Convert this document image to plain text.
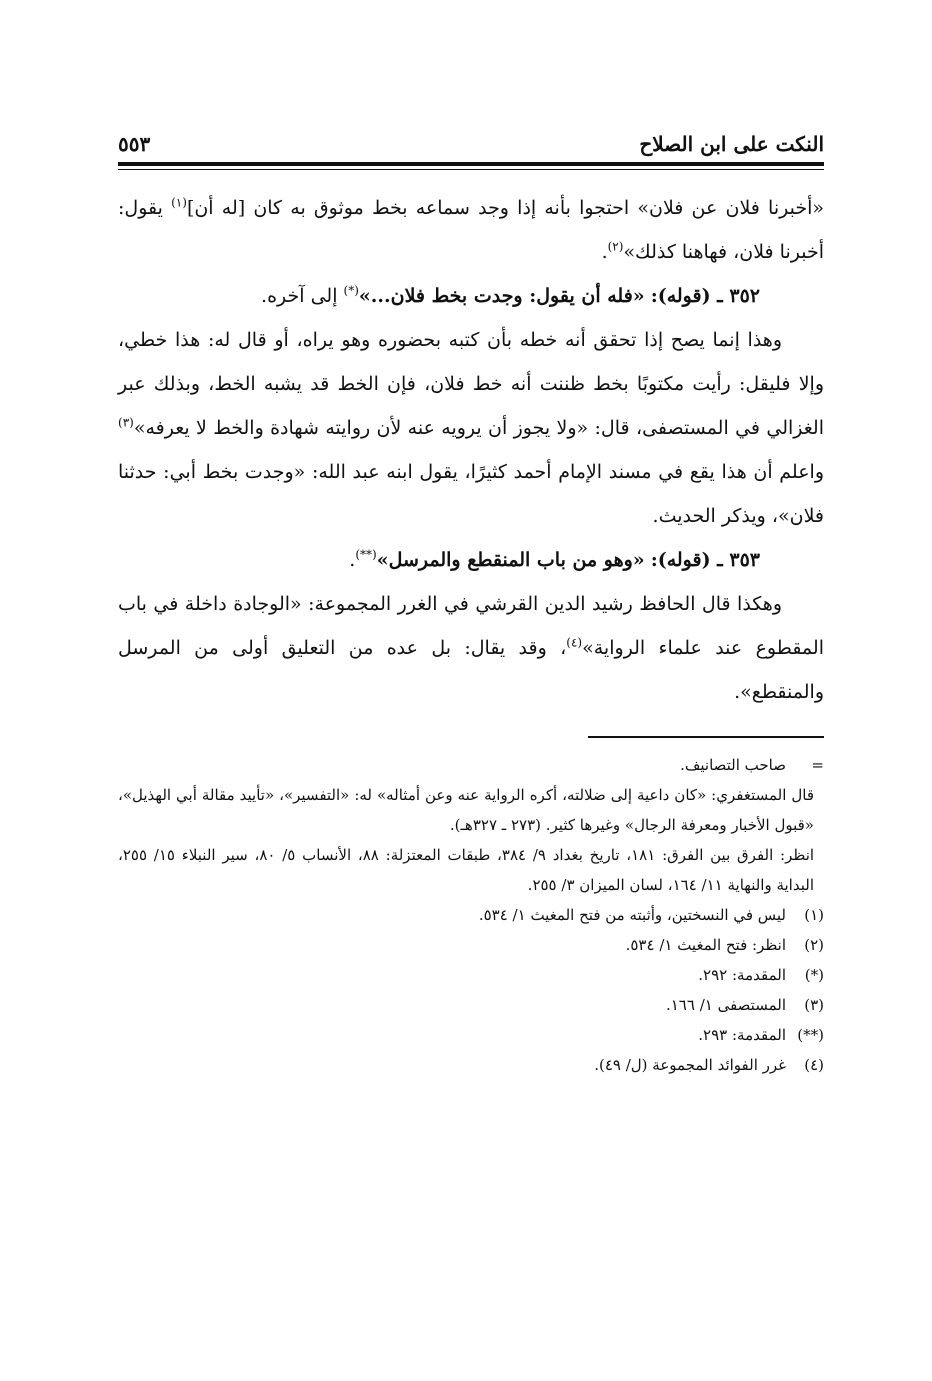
النكت على ابن الصلاح
٥٥٣

«أخبرنا فلان عن فلان» احتجوا بأنه إذا وجد سماعه بخط موثوق به كان [له أن]$^{(١)}$ يقول: أخبرنا فلان، فهاهنا كذلك»$^{(٢)}$.

٣٥٢ ـ (قوله): «فله أن يقول: وجدت بخط فلان...»(*) إلى آخره.

وهذا إنما يصح إذا تحقق أنه خطه بأن كتبه بحضوره وهو يراه، أو قال له: هذا خطي، وإلا فليقل: رأيت مكتوبًا بخط ظننت أنه خط فلان، فإن الخط قد يشبه الخط، وبذلك عبر الغزالي في المستصفى، قال: «ولا يجوز أن يرويه عنه لأن روايته شهادة والخط لا يعرفه»$^{(٣)}$ واعلم أن هذا يقع في مسند الإمام أحمد كثيرًا، يقول ابنه عبد الله: «وجدت بخط أبي: حدثنا فلان»، ويذكر الحديث.

٣٥٣ ـ (قوله): «وهو من باب المنقطع والمرسل»(**).

وهكذا قال الحافظ رشيد الدين القرشي في الغرر المجموعة: «الوجادة داخلة في باب المقطوع عند علماء الرواية»$^{(٤)}$، وقد يقال: بل عده من التعليق أولى من المرسل والمنقطع».

=
صاحب التصانيف.

قال المستغفري: «كان داعية إلى ضلالته، أكره الرواية عنه وعن أمثاله» له: «التفسير»، «تأييد مقالة أبي الهذيل»، «قبول الأخبار ومعرفة الرجال» وغيرها كثير. (٢٧٣ ـ ٣٢٧هـ).

انظر: الفرق بين الفرق: ١٨١، تاريخ بغداد ٩/ ٣٨٤، طبقات المعتزلة: ٨٨، الأنساب ٥/ ٨٠، سير النبلاء ١٥/ ٢٥٥، البداية والنهاية ١١/ ١٦٤، لسان الميزان ٣/ ٢٥٥.

(١)
ليس في النسختين، وأثبته من فتح المغيث ١/ ٥٣٤.
(٢)
انظر: فتح المغيث ١/ ٥٣٤.
(*)
المقدمة: ٢٩٢.
(٣)
المستصفى ١/ ١٦٦.
(**)
المقدمة: ٢٩٣.
(٤)
غرر الفوائد المجموعة (ل/ ٤٩).
